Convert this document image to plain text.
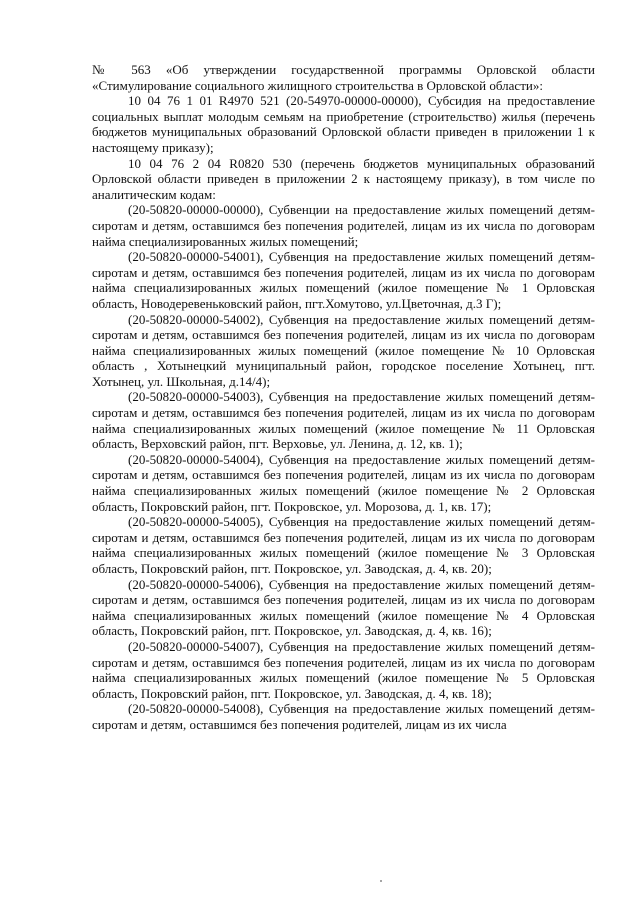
№ 563 «Об утверждении государственной программы Орловской области «Стимулирование социального жилищного строительства в Орловской области»:

10 04 76 1 01 R4970 521 (20-54970-00000-00000), Субсидия на предоставление социальных выплат молодым семьям на приобретение (строительство) жилья (перечень бюджетов муниципальных образований Орловской области приведен в приложении 1 к настоящему приказу);

10 04 76 2 04 R0820 530 (перечень бюджетов муниципальных образований Орловской области приведен в приложении 2 к настоящему приказу), в том числе по аналитическим кодам:

(20-50820-00000-00000), Субвенции на предоставление жилых помещений детям-сиротам и детям, оставшимся без попечения родителей, лицам из их числа по договорам найма специализированных жилых помещений;

(20-50820-00000-54001), Субвенция на предоставление жилых помещений детям-сиротам и детям, оставшимся без попечения родителей, лицам из их числа по договорам найма специализированных жилых помещений (жилое помещение № 1 Орловская область, Новодеревеньковский район, пгт.Хомутово, ул.Цветочная, д.3 Г);

(20-50820-00000-54002), Субвенция на предоставление жилых помещений детям-сиротам и детям, оставшимся без попечения родителей, лицам из их числа по договорам найма специализированных жилых помещений (жилое помещение № 10 Орловская область , Хотынецкий муниципальный район, городское поселение Хотынец, пгт. Хотынец, ул. Школьная, д.14/4);

(20-50820-00000-54003), Субвенция на предоставление жилых помещений детям-сиротам и детям, оставшимся без попечения родителей, лицам из их числа по договорам найма специализированных жилых помещений (жилое помещение № 11 Орловская область, Верховский район, пгт. Верховье, ул. Ленина, д. 12, кв. 1);

(20-50820-00000-54004), Субвенция на предоставление жилых помещений детям-сиротам и детям, оставшимся без попечения родителей, лицам из их числа по договорам найма специализированных жилых помещений (жилое помещение № 2 Орловская область, Покровский район, пгт. Покровское, ул. Морозова, д. 1, кв. 17);

(20-50820-00000-54005), Субвенция на предоставление жилых помещений детям-сиротам и детям, оставшимся без попечения родителей, лицам из их числа по договорам найма специализированных жилых помещений (жилое помещение № 3 Орловская область, Покровский район, пгт. Покровское, ул. Заводская, д. 4, кв. 20);

(20-50820-00000-54006), Субвенция на предоставление жилых помещений детям-сиротам и детям, оставшимся без попечения родителей, лицам из их числа по договорам найма специализированных жилых помещений (жилое помещение № 4 Орловская область, Покровский район, пгт. Покровское, ул. Заводская, д. 4, кв. 16);

(20-50820-00000-54007), Субвенция на предоставление жилых помещений детям-сиротам и детям, оставшимся без попечения родителей, лицам из их числа по договорам найма специализированных жилых помещений (жилое помещение № 5 Орловская область, Покровский район, пгт. Покровское, ул. Заводская, д. 4, кв. 18);

(20-50820-00000-54008), Субвенция на предоставление жилых помещений детям-сиротам и детям, оставшимся без попечения родителей, лицам из их числа
